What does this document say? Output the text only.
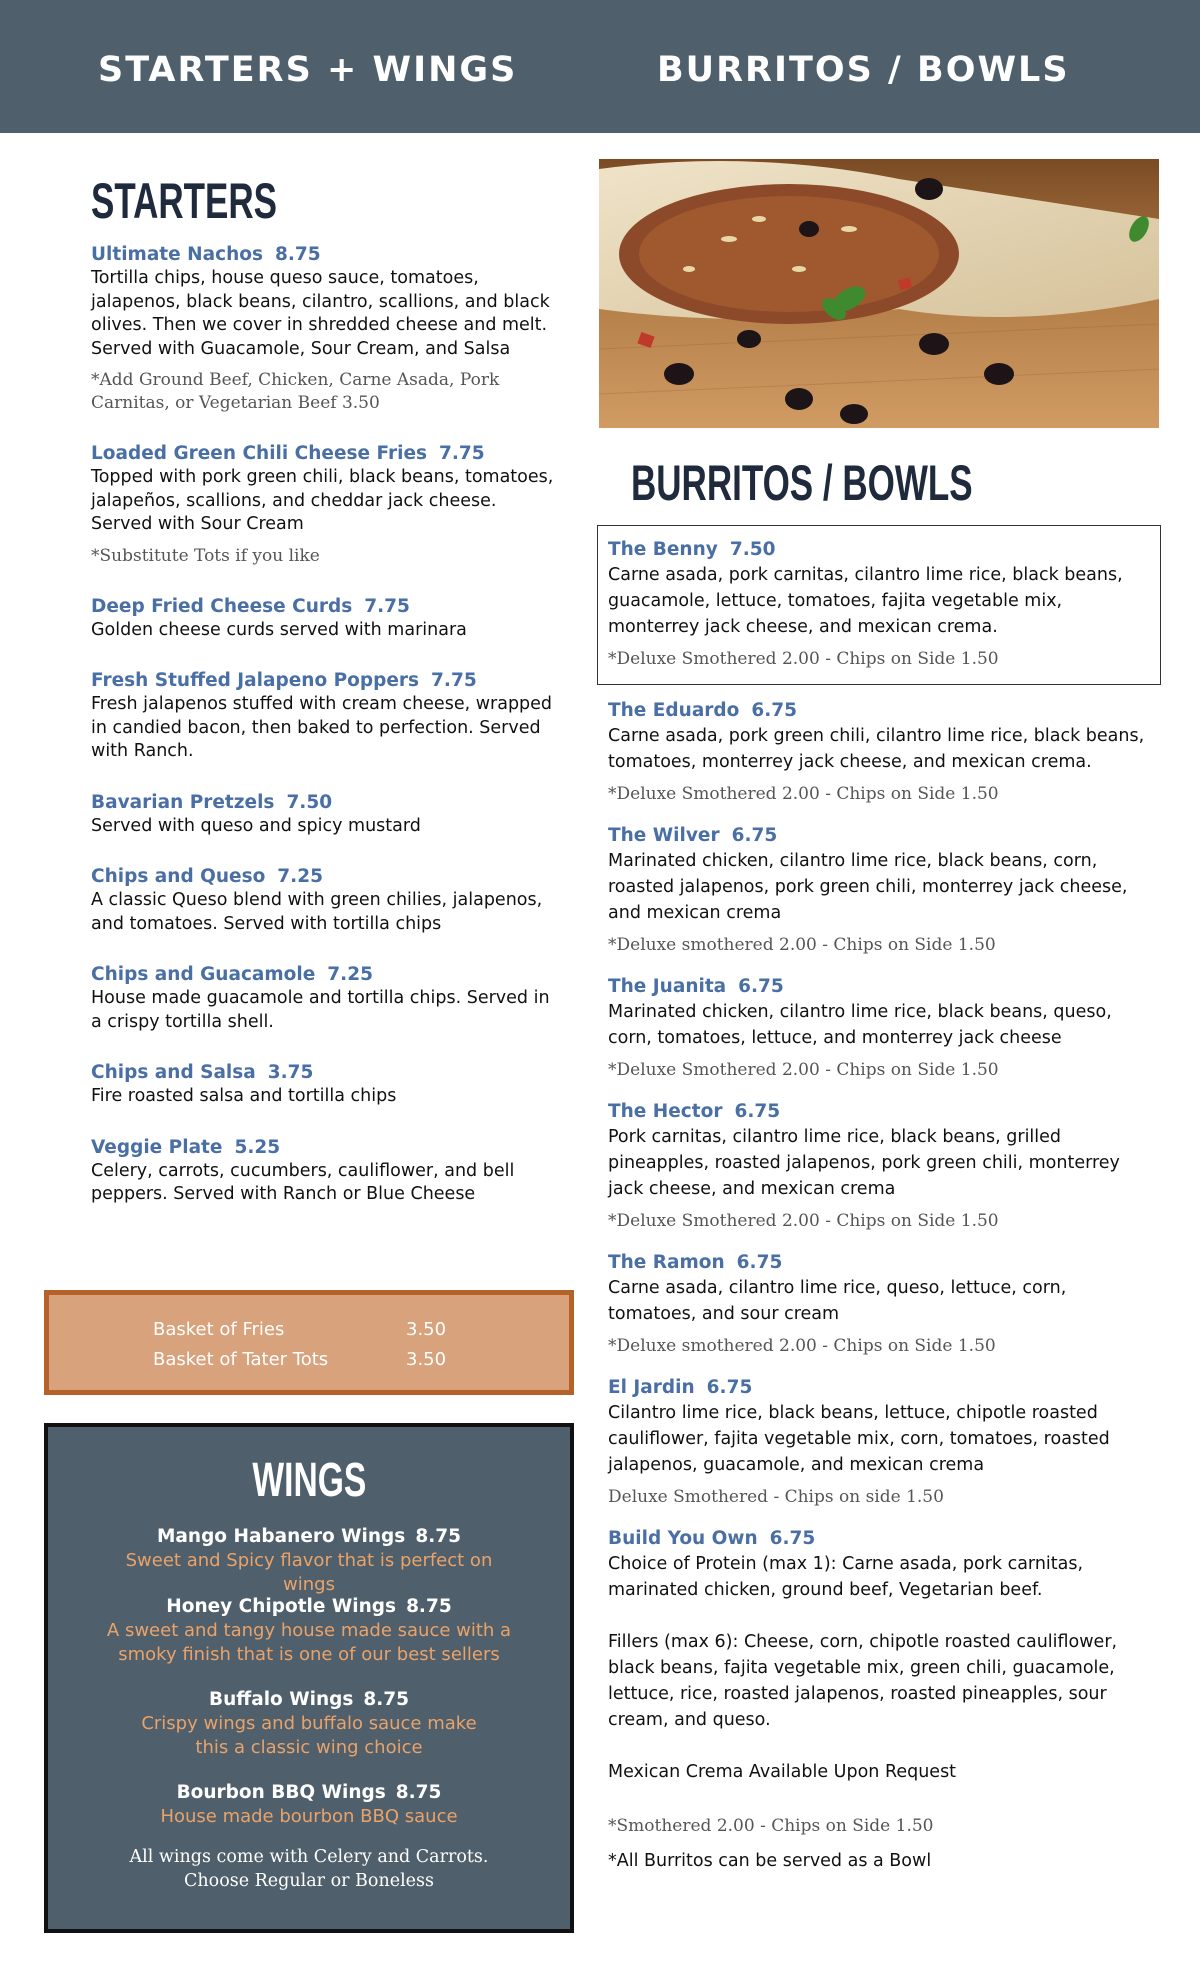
STARTERS + WINGS	BURRITOS / BOWLS
STARTERS
Ultimate Nachos 8.75
Tortilla chips, house queso sauce, tomatoes, jalapenos, black beans, cilantro, scallions, and black olives. Then we cover in shredded cheese and melt. Served with Guacamole, Sour Cream, and Salsa
*Add Ground Beef, Chicken, Carne Asada, Pork Carnitas, or Vegetarian Beef 3.50
Loaded Green Chili Cheese Fries 7.75
Topped with pork green chili, black beans, tomatoes, jalapeños, scallions, and cheddar jack cheese. Served with Sour Cream
*Substitute Tots if you like
Deep Fried Cheese Curds 7.75
Golden cheese curds served with marinara
Fresh Stuffed Jalapeno Poppers 7.75
Fresh jalapenos stuffed with cream cheese, wrapped in candied bacon, then baked to perfection. Served with Ranch.
Bavarian Pretzels 7.50
Served with queso and spicy mustard
Chips and Queso 7.25
A classic Queso blend with green chilies, jalapenos, and tomatoes. Served with tortilla chips
Chips and Guacamole 7.25
House made guacamole and tortilla chips. Served in a crispy tortilla shell.
Chips and Salsa 3.75
Fire roasted salsa and tortilla chips
Veggie Plate 5.25
Celery, carrots, cucumbers, cauliflower, and bell peppers. Served with Ranch or Blue Cheese
Basket of Fries	3.50
Basket of Tater Tots	3.50
WINGS
Mango Habanero Wings 8.75
Sweet and Spicy flavor that is perfect on wings
Honey Chipotle Wings 8.75
A sweet and tangy house made sauce with a smoky finish that is one of our best sellers
Buffalo Wings 8.75
Crispy wings and buffalo sauce make this a classic wing choice
Bourbon BBQ Wings 8.75
House made bourbon BBQ sauce
All wings come with Celery and Carrots.
Choose Regular or Boneless
BURRITOS / BOWLS
The Benny 7.50
Carne asada, pork carnitas, cilantro lime rice, black beans, guacamole, lettuce, tomatoes, fajita vegetable mix, monterrey jack cheese, and mexican crema.
*Deluxe Smothered 2.00 - Chips on Side 1.50
The Eduardo 6.75
Carne asada, pork green chili, cilantro lime rice, black beans, tomatoes, monterrey jack cheese, and mexican crema.
*Deluxe Smothered 2.00 - Chips on Side 1.50
The Wilver 6.75
Marinated chicken, cilantro lime rice, black beans, corn, roasted jalapenos, pork green chili, monterrey jack cheese, and mexican crema
*Deluxe smothered 2.00 - Chips on Side 1.50
The Juanita 6.75
Marinated chicken, cilantro lime rice, black beans, queso, corn, tomatoes, lettuce, and monterrey jack cheese
*Deluxe Smothered 2.00 - Chips on Side 1.50
The Hector 6.75
Pork carnitas, cilantro lime rice, black beans, grilled pineapples, roasted jalapenos, pork green chili, monterrey jack cheese, and mexican crema
*Deluxe Smothered 2.00 - Chips on Side 1.50
The Ramon 6.75
Carne asada, cilantro lime rice, queso, lettuce, corn, tomatoes, and sour cream
*Deluxe smothered 2.00 - Chips on Side 1.50
El Jardin 6.75
Cilantro lime rice, black beans, lettuce, chipotle roasted cauliflower, fajita vegetable mix, corn, tomatoes, roasted jalapenos, guacamole, and mexican crema
Deluxe Smothered - Chips on side 1.50
Build You Own 6.75
Choice of Protein (max 1): Carne asada, pork carnitas, marinated chicken, ground beef, Vegetarian beef.
Fillers (max 6): Cheese, corn, chipotle roasted cauliflower, black beans, fajita vegetable mix, green chili, guacamole, lettuce, rice, roasted jalapenos, roasted pineapples, sour cream, and queso.
Mexican Crema Available Upon Request
*Smothered 2.00 - Chips on Side 1.50
*All Burritos can be served as a Bowl
